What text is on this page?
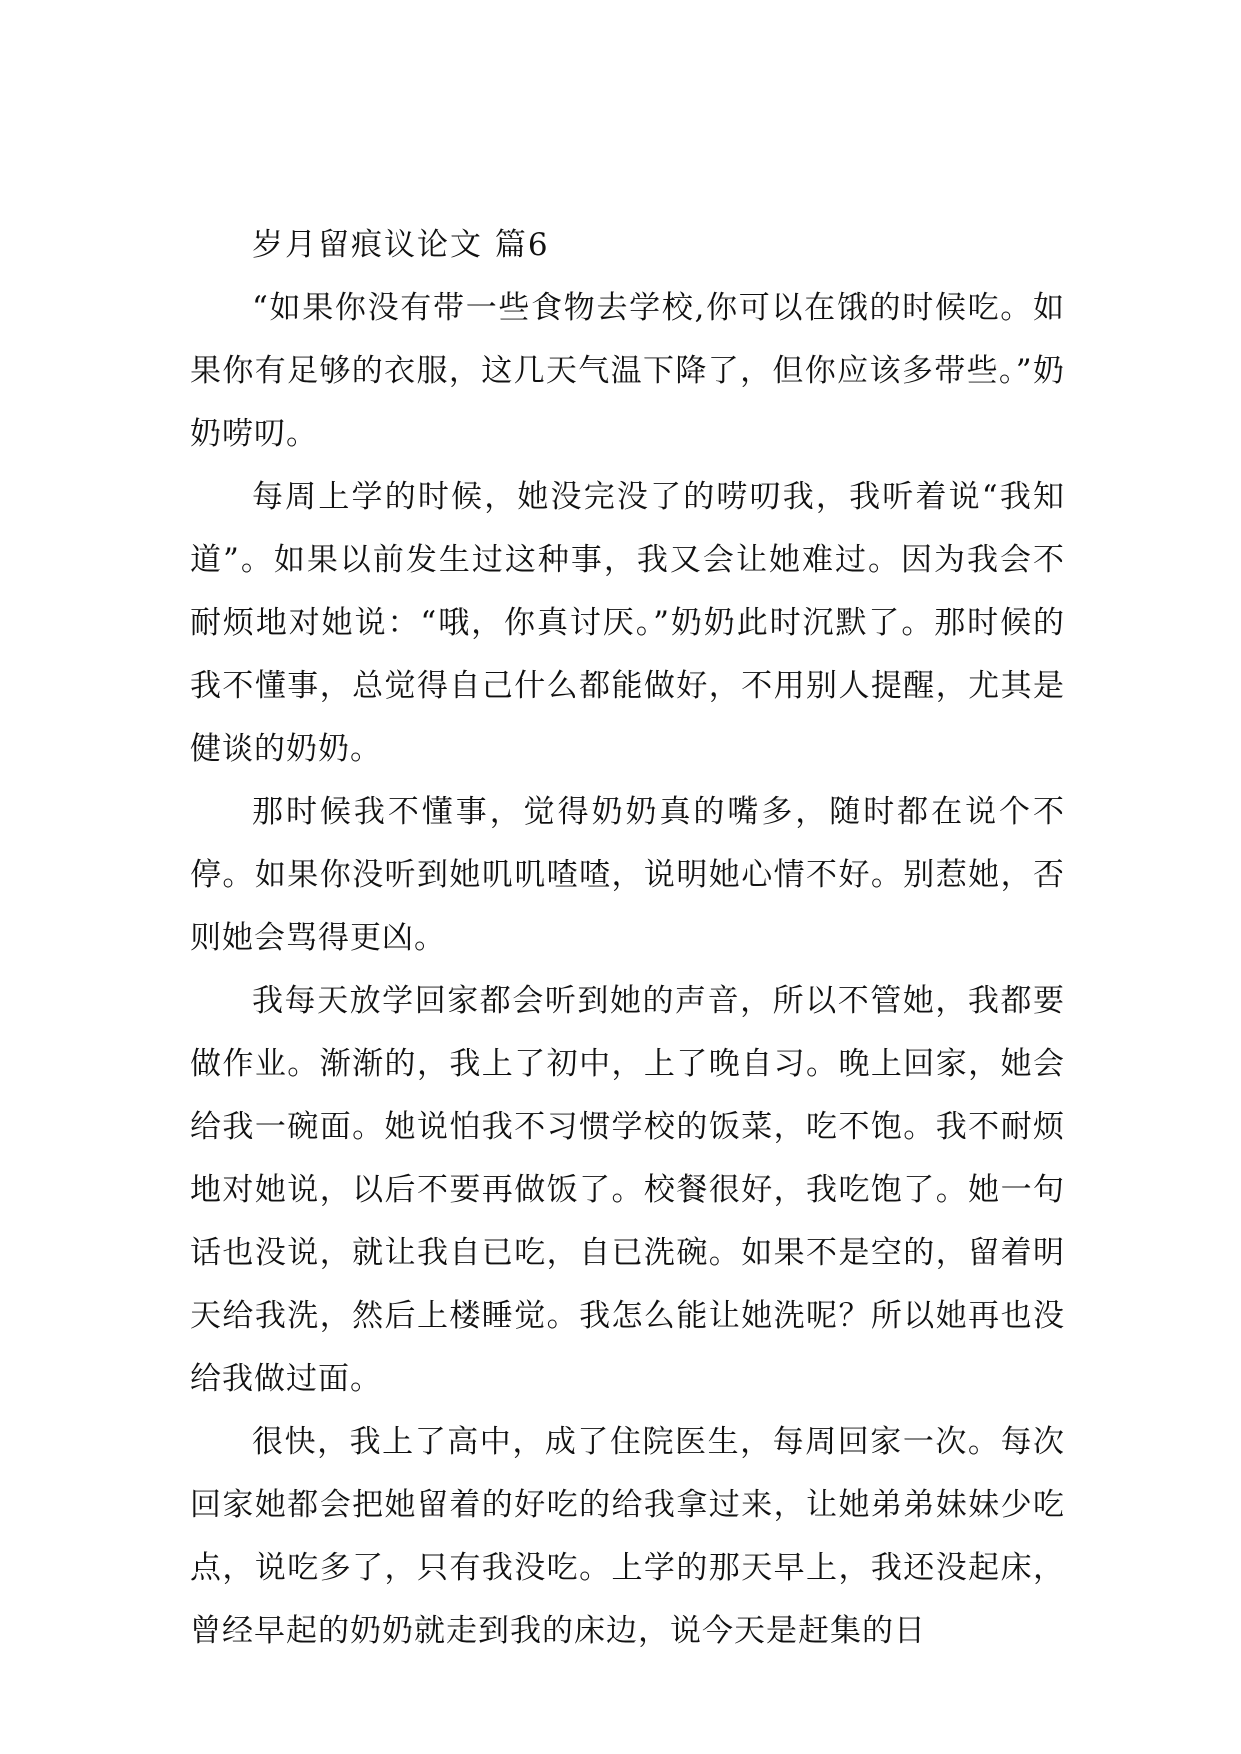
岁月留痕议论文 篇6

“如果你没有带一些食物去学校,你可以在饿的时候吃。如果你有足够的衣服，这几天气温下降了，但你应该多带些。”奶奶唠叨。

每周上学的时候，她没完没了的唠叨我，我听着说“我知道”。如果以前发生过这种事，我又会让她难过。因为我会不耐烦地对她说：“哦，你真讨厌。”奶奶此时沉默了。那时候的我不懂事，总觉得自己什么都能做好，不用别人提醒，尤其是健谈的奶奶。

那时候我不懂事，觉得奶奶真的嘴多，随时都在说个不停。如果你没听到她叽叽喳喳，说明她心情不好。别惹她，否则她会骂得更凶。

我每天放学回家都会听到她的声音，所以不管她，我都要做作业。渐渐的，我上了初中，上了晚自习。晚上回家，她会给我一碗面。她说怕我不习惯学校的饭菜，吃不饱。我不耐烦地对她说，以后不要再做饭了。校餐很好，我吃饱了。她一句话也没说，就让我自已吃，自已洗碗。如果不是空的，留着明天给我洗，然后上楼睡觉。我怎么能让她洗呢？所以她再也没给我做过面。

很快，我上了高中，成了住院医生，每周回家一次。每次回家她都会把她留着的好吃的给我拿过来，让她弟弟妹妹少吃点，说吃多了，只有我没吃。上学的那天早上，我还没起床，曾经早起的奶奶就走到我的床边，说今天是赶集的日
